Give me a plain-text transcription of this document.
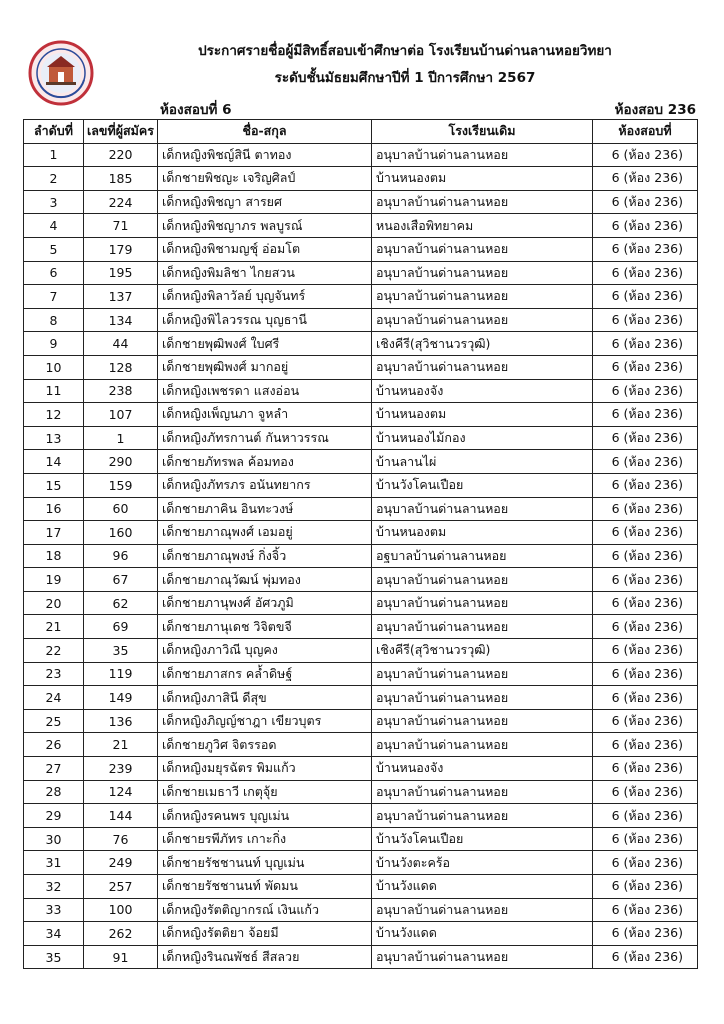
ประกาศรายชื่อผู้มีสิทธิ์สอบเข้าศึกษาต่อ โรงเรียนบ้านด่านลานหอยวิทยา
ระดับชั้นมัธยมศึกษาปีที่ 1 ปีการศึกษา 2567
ห้องสอบที่ 6	ห้องสอบ 236
ลำดับที่	เลขที่ผู้สมัคร	ชื่อ-สกุล	โรงเรียนเดิม	ห้องสอบที่
1	220	เด็กหญิงพิชญ์สินี ตาทอง	อนุบาลบ้านด่านลานหอย	6 (ห้อง 236)
2	185	เด็กชายพิชญะ เจริญศิลป์	บ้านหนองตม	6 (ห้อง 236)
3	224	เด็กหญิงพิชญา สารยศ	อนุบาลบ้านด่านลานหอย	6 (ห้อง 236)
4	71	เด็กหญิงพิชญาภร พลบูรณ์	หนองเสือพิทยาคม	6 (ห้อง 236)
5	179	เด็กหญิงพิชามญชุ์ อ่อมโต	อนุบาลบ้านด่านลานหอย	6 (ห้อง 236)
6	195	เด็กหญิงพิมลิชา ไกยสวน	อนุบาลบ้านด่านลานหอย	6 (ห้อง 236)
7	137	เด็กหญิงพิลาวัลย์ บุญจันทร์	อนุบาลบ้านด่านลานหอย	6 (ห้อง 236)
8	134	เด็กหญิงพิไลวรรณ บุญธานี	อนุบาลบ้านด่านลานหอย	6 (ห้อง 236)
9	44	เด็กชายพุฒิพงศ์ ใบศรี	เชิงคีรี(สุวิชานวรวุฒิ)	6 (ห้อง 236)
10	128	เด็กชายพุฒิพงศ์ มากอยู่	อนุบาลบ้านด่านลานหอย	6 (ห้อง 236)
11	238	เด็กหญิงเพชรดา แสงอ่อน	บ้านหนองจัง	6 (ห้อง 236)
12	107	เด็กหญิงเพ็ญนภา จูหลำ	บ้านหนองตม	6 (ห้อง 236)
13	1	เด็กหญิงภัทรกานต์ กันหาวรรณ	บ้านหนองไม้กอง	6 (ห้อง 236)
14	290	เด็กชายภัทรพล ค้อมทอง	บ้านลานไผ่	6 (ห้อง 236)
15	159	เด็กหญิงภัทรภร อนันทยากร	บ้านวังโคนเปือย	6 (ห้อง 236)
16	60	เด็กชายภาคิน อินทะวงษ์	อนุบาลบ้านด่านลานหอย	6 (ห้อง 236)
17	160	เด็กชายภาณุพงศ์ เอมอยู่	บ้านหนองตม	6 (ห้อง 236)
18	96	เด็กชายภาณุพงษ์ กิ่งจิ้ว	อฐบาลบ้านด่านลานหอย	6 (ห้อง 236)
19	67	เด็กชายภาณุวัฒน์ พุ่มทอง	อนุบาลบ้านด่านลานหอย	6 (ห้อง 236)
20	62	เด็กชายภานุพงศ์ อัศวภูมิ	อนุบาลบ้านด่านลานหอย	6 (ห้อง 236)
21	69	เด็กชายภานุเดช วิจิตขจี	อนุบาลบ้านด่านลานหอย	6 (ห้อง 236)
22	35	เด็กหญิงภาวิณี บุญคง	เชิงคีรี(สุวิชานวรวุฒิ)	6 (ห้อง 236)
23	119	เด็กชายภาสกร คล้ำดิษฐ์	อนุบาลบ้านด่านลานหอย	6 (ห้อง 236)
24	149	เด็กหญิงภาสินี ดีสุข	อนุบาลบ้านด่านลานหอย	6 (ห้อง 236)
25	136	เด็กหญิงภิญญ์ชาฎา เขียวบุตร	อนุบาลบ้านด่านลานหอย	6 (ห้อง 236)
26	21	เด็กชายภูวิศ จิตรรอด	อนุบาลบ้านด่านลานหอย	6 (ห้อง 236)
27	239	เด็กหญิงมยุรฉัตร พิมแก้ว	บ้านหนองจัง	6 (ห้อง 236)
28	124	เด็กชายเมธาวี เกตุจุ้ย	อนุบาลบ้านด่านลานหอย	6 (ห้อง 236)
29	144	เด็กหญิงรคนพร บุญเม่น	อนุบาลบ้านด่านลานหอย	6 (ห้อง 236)
30	76	เด็กชายรพีภัทร เกาะกิ่ง	บ้านวังโคนเปือย	6 (ห้อง 236)
31	249	เด็กชายรัชชานนท์ บุญเม่น	บ้านวังตะคร้อ	6 (ห้อง 236)
32	257	เด็กชายรัชชานนท์ พัดมน	บ้านวังแดด	6 (ห้อง 236)
33	100	เด็กหญิงรัตติญากรณ์ เงินแก้ว	อนุบาลบ้านด่านลานหอย	6 (ห้อง 236)
34	262	เด็กหญิงรัตติยา จ้อยมี	บ้านวังแดด	6 (ห้อง 236)
35	91	เด็กหญิงรินณพัชธ์ สีสลวย	อนุบาลบ้านด่านลานหอย	6 (ห้อง 236)
